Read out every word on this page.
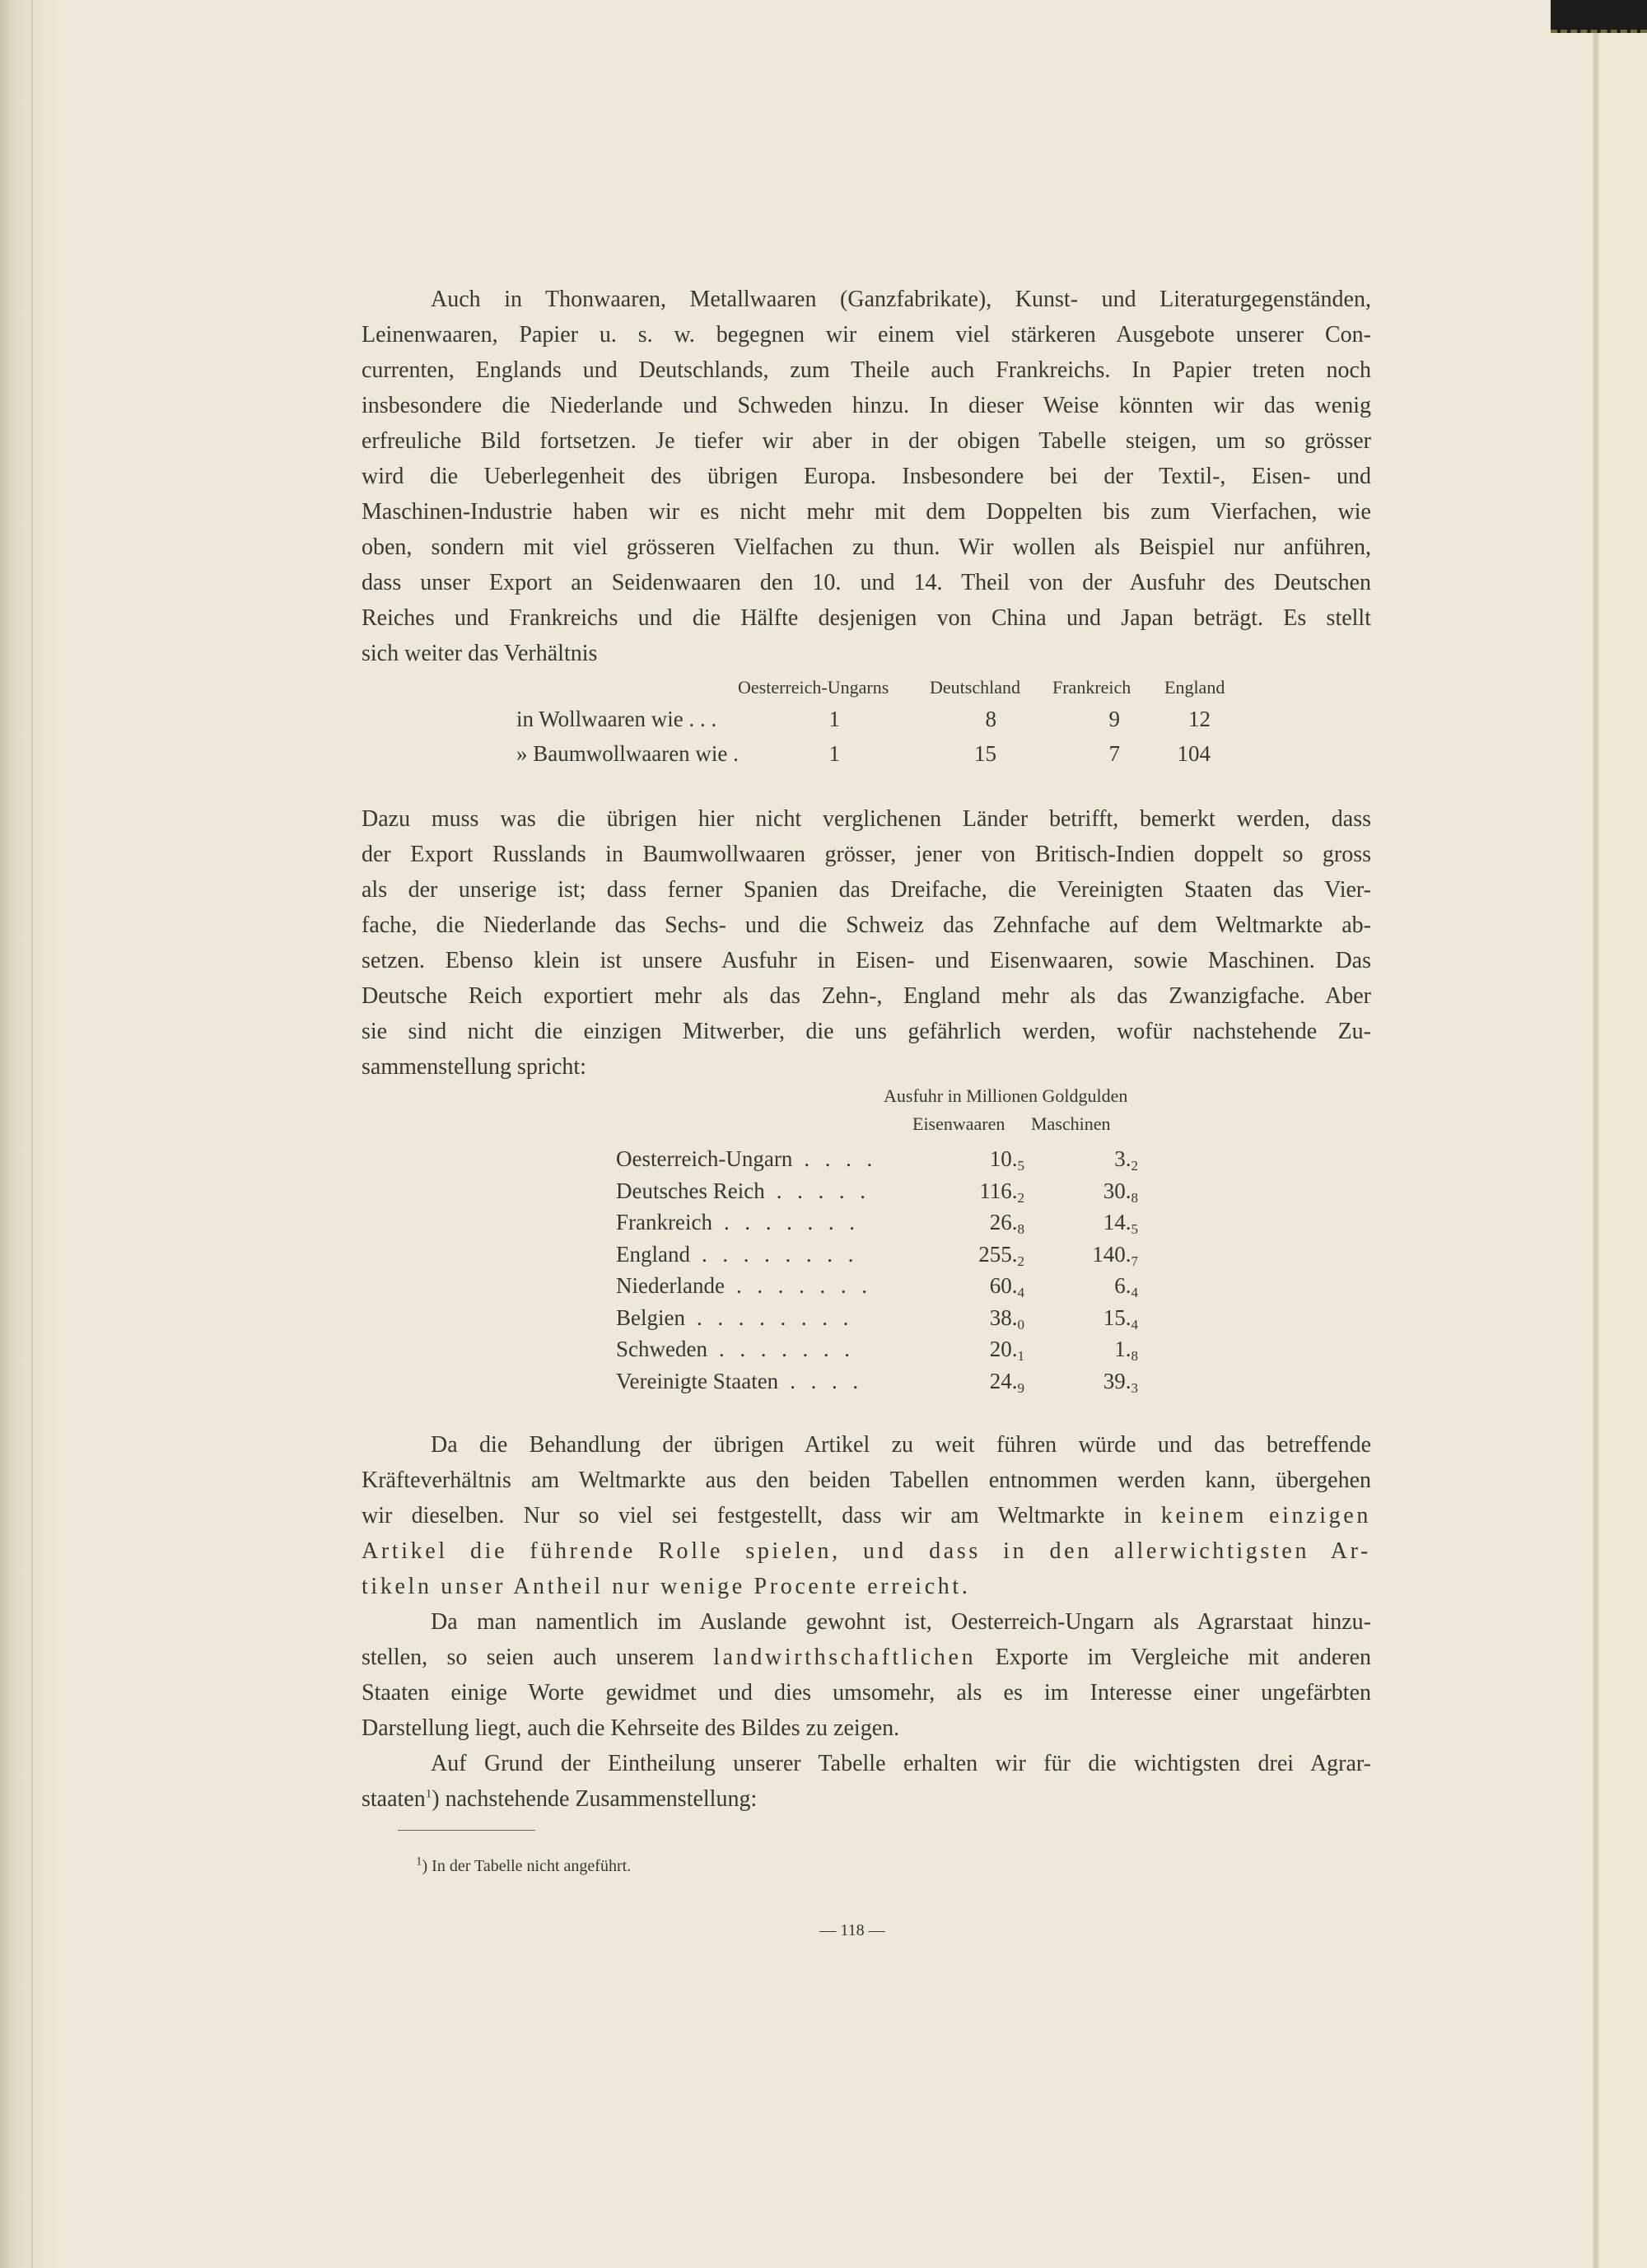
Auch in Thonwaaren, Metallwaaren (Ganzfabrikate), Kunst- und Literaturgegenständen,
Leinenwaaren, Papier u. s. w. begegnen wir einem viel stärkeren Ausgebote unserer Con-
currenten, Englands und Deutschlands, zum Theile auch Frankreichs. In Papier treten noch
insbesondere die Niederlande und Schweden hinzu. In dieser Weise könnten wir das wenig
erfreuliche Bild fortsetzen. Je tiefer wir aber in der obigen Tabelle steigen, um so grösser
wird die Ueberlegenheit des übrigen Europa. Insbesondere bei der Textil-, Eisen- und
Maschinen-Industrie haben wir es nicht mehr mit dem Doppelten bis zum Vierfachen, wie
oben, sondern mit viel grösseren Vielfachen zu thun. Wir wollen als Beispiel nur anführen,
dass unser Export an Seidenwaaren den 10. und 14. Theil von der Ausfuhr des Deutschen
Reiches und Frankreichs und die Hälfte desjenigen von China und Japan beträgt. Es stellt
sich weiter das Verhältnis
Dazu muss was die übrigen hier nicht verglichenen Länder betrifft, bemerkt werden, dass
der Export Russlands in Baumwollwaaren grösser, jener von Britisch-Indien doppelt so gross
als der unserige ist; dass ferner Spanien das Dreifache, die Vereinigten Staaten das Vier-
fache, die Niederlande das Sechs- und die Schweiz das Zehnfache auf dem Weltmarkte ab-
setzen. Ebenso klein ist unsere Ausfuhr in Eisen- und Eisenwaaren, sowie Maschinen. Das
Deutsche Reich exportiert mehr als das Zehn-, England mehr als das Zwanzigfache. Aber
sie sind nicht die einzigen Mitwerber, die uns gefährlich werden, wofür nachstehende Zu-
sammenstellung spricht:
Da die Behandlung der übrigen Artikel zu weit führen würde und das betreffende
Kräfteverhältnis am Weltmarkte aus den beiden Tabellen entnommen werden kann, übergehen
wir dieselben. Nur so viel sei festgestellt, dass wir am Weltmarkte in keinem einzigen
Artikel die führende Rolle spielen, und dass in den allerwichtigsten Ar-
tikeln unser Antheil nur wenige Procente erreicht.
Da man namentlich im Auslande gewohnt ist, Oesterreich-Ungarn als Agrarstaat hinzu-
stellen, so seien auch unserem landwirthschaftlichen Exporte im Vergleiche mit anderen
Staaten einige Worte gewidmet und dies umsomehr, als es im Interesse einer ungefärbten
Darstellung liegt, auch die Kehrseite des Bildes zu zeigen.
Auf Grund der Eintheilung unserer Tabelle erhalten wir für die wichtigsten drei Agrar-
staaten$^1$) nachstehende Zusammenstellung:
Oesterreich-Ungarns Deutschland Frankreich England
in Wollwaaren wie . . .	1	8	9	12
» Baumwollwaaren wie .	1	15	7	104
Ausfuhr in Millionen Goldgulden
Eisenwaaren Maschinen
Oesterreich-Ungarn . . . .	10.5	3.2
Deutsches Reich . . . . .	116.2	30.8
Frankreich . . . . . . .	26.8	14.5
England . . . . . . . .	255.2	140.7
Niederlande . . . . . . .	60.4	6.4
Belgien . . . . . . . .	38.0	15.4
Schweden . . . . . . .	20.1	1.8
Vereinigte Staaten . . . .	24.9	39.3
$^1$) In der Tabelle nicht angeführt.
— 118 —
